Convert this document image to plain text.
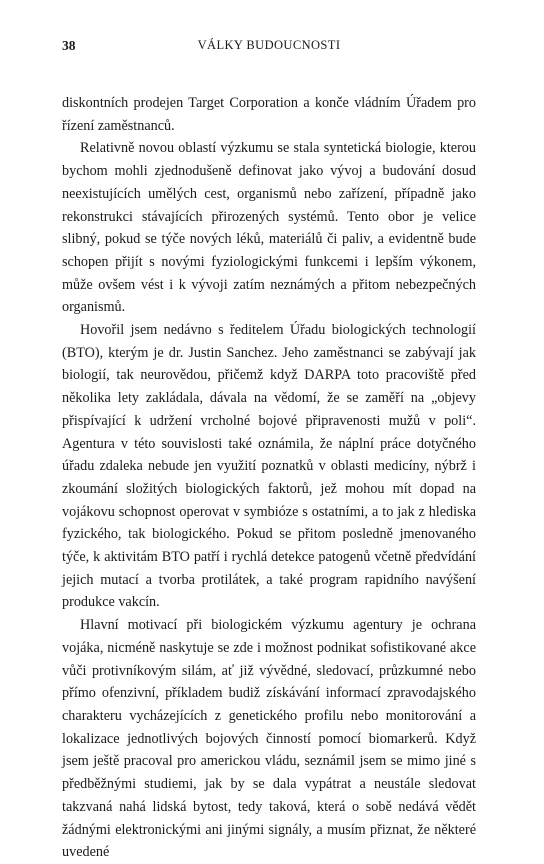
38	VÁLKY BUDOUCNOSTI

diskontních prodejen Target Corporation a konče vládním Úřadem pro řízení zaměstnanců.

Relativně novou oblastí výzkumu se stala syntetická biologie, kterou bychom mohli zjednodušeně definovat jako vývoj a budování dosud neexistujících umělých cest, organismů nebo zařízení, případně jako rekonstrukci stávajících přirozených systémů. Tento obor je velice slibný, pokud se týče nových léků, materiálů či paliv, a evidentně bude schopen přijít s novými fyziologickými funkcemi i lepším výkonem, může ovšem vést i k vývoji zatím neznámých a přitom nebezpečných organismů.

Hovořil jsem nedávno s ředitelem Úřadu biologických technologií (BTO), kterým je dr. Justin Sanchez. Jeho zaměstnanci se zabývají jak biologií, tak neurovědou, přičemž když DARPA toto pracoviště před několika lety zakládala, dávala na vědomí, že se zaměří na „objevy přispívající k udržení vrcholné bojové připravenosti mužů v poli“. Agentura v této souvislosti také oznámila, že náplní práce dotyčného úřadu zdaleka nebude jen využití poznatků v oblasti medicíny, nýbrž i zkoumání složitých biologických faktorů, jež mohou mít dopad na vojákovu schopnost operovat v symbióze s ostatními, a to jak z hlediska fyzického, tak biologického. Pokud se přitom posledně jmenovaného týče, k aktivitám BTO patří i rychlá detekce patogenů včetně předvídání jejich mutací a tvorba protilátek, a také program rapidního navýšení produkce vakcín.

Hlavní motivací při biologickém výzkumu agentury je ochrana vojáka, nicméně naskytuje se zde i možnost podnikat sofistikované akce vůči protivníkovým silám, ať již vývědné, sledovací, průzkumné nebo přímo ofenzivní, příkladem budiž získávání informací zpravodajského charakteru vycházejících z genetického profilu nebo monitorování a lokalizace jednotlivých bojových činností pomocí biomarkerů. Když jsem ještě pracoval pro americkou vládu, seznámil jsem se mimo jiné s předběžnými studiemi, jak by se dala vypátrat a neustále sledovat takzvaná nahá lidská bytost, tedy taková, která o sobě nedává vědět žádnými elektronickými ani jinými signály, a musím přiznat, že některé uvedené
